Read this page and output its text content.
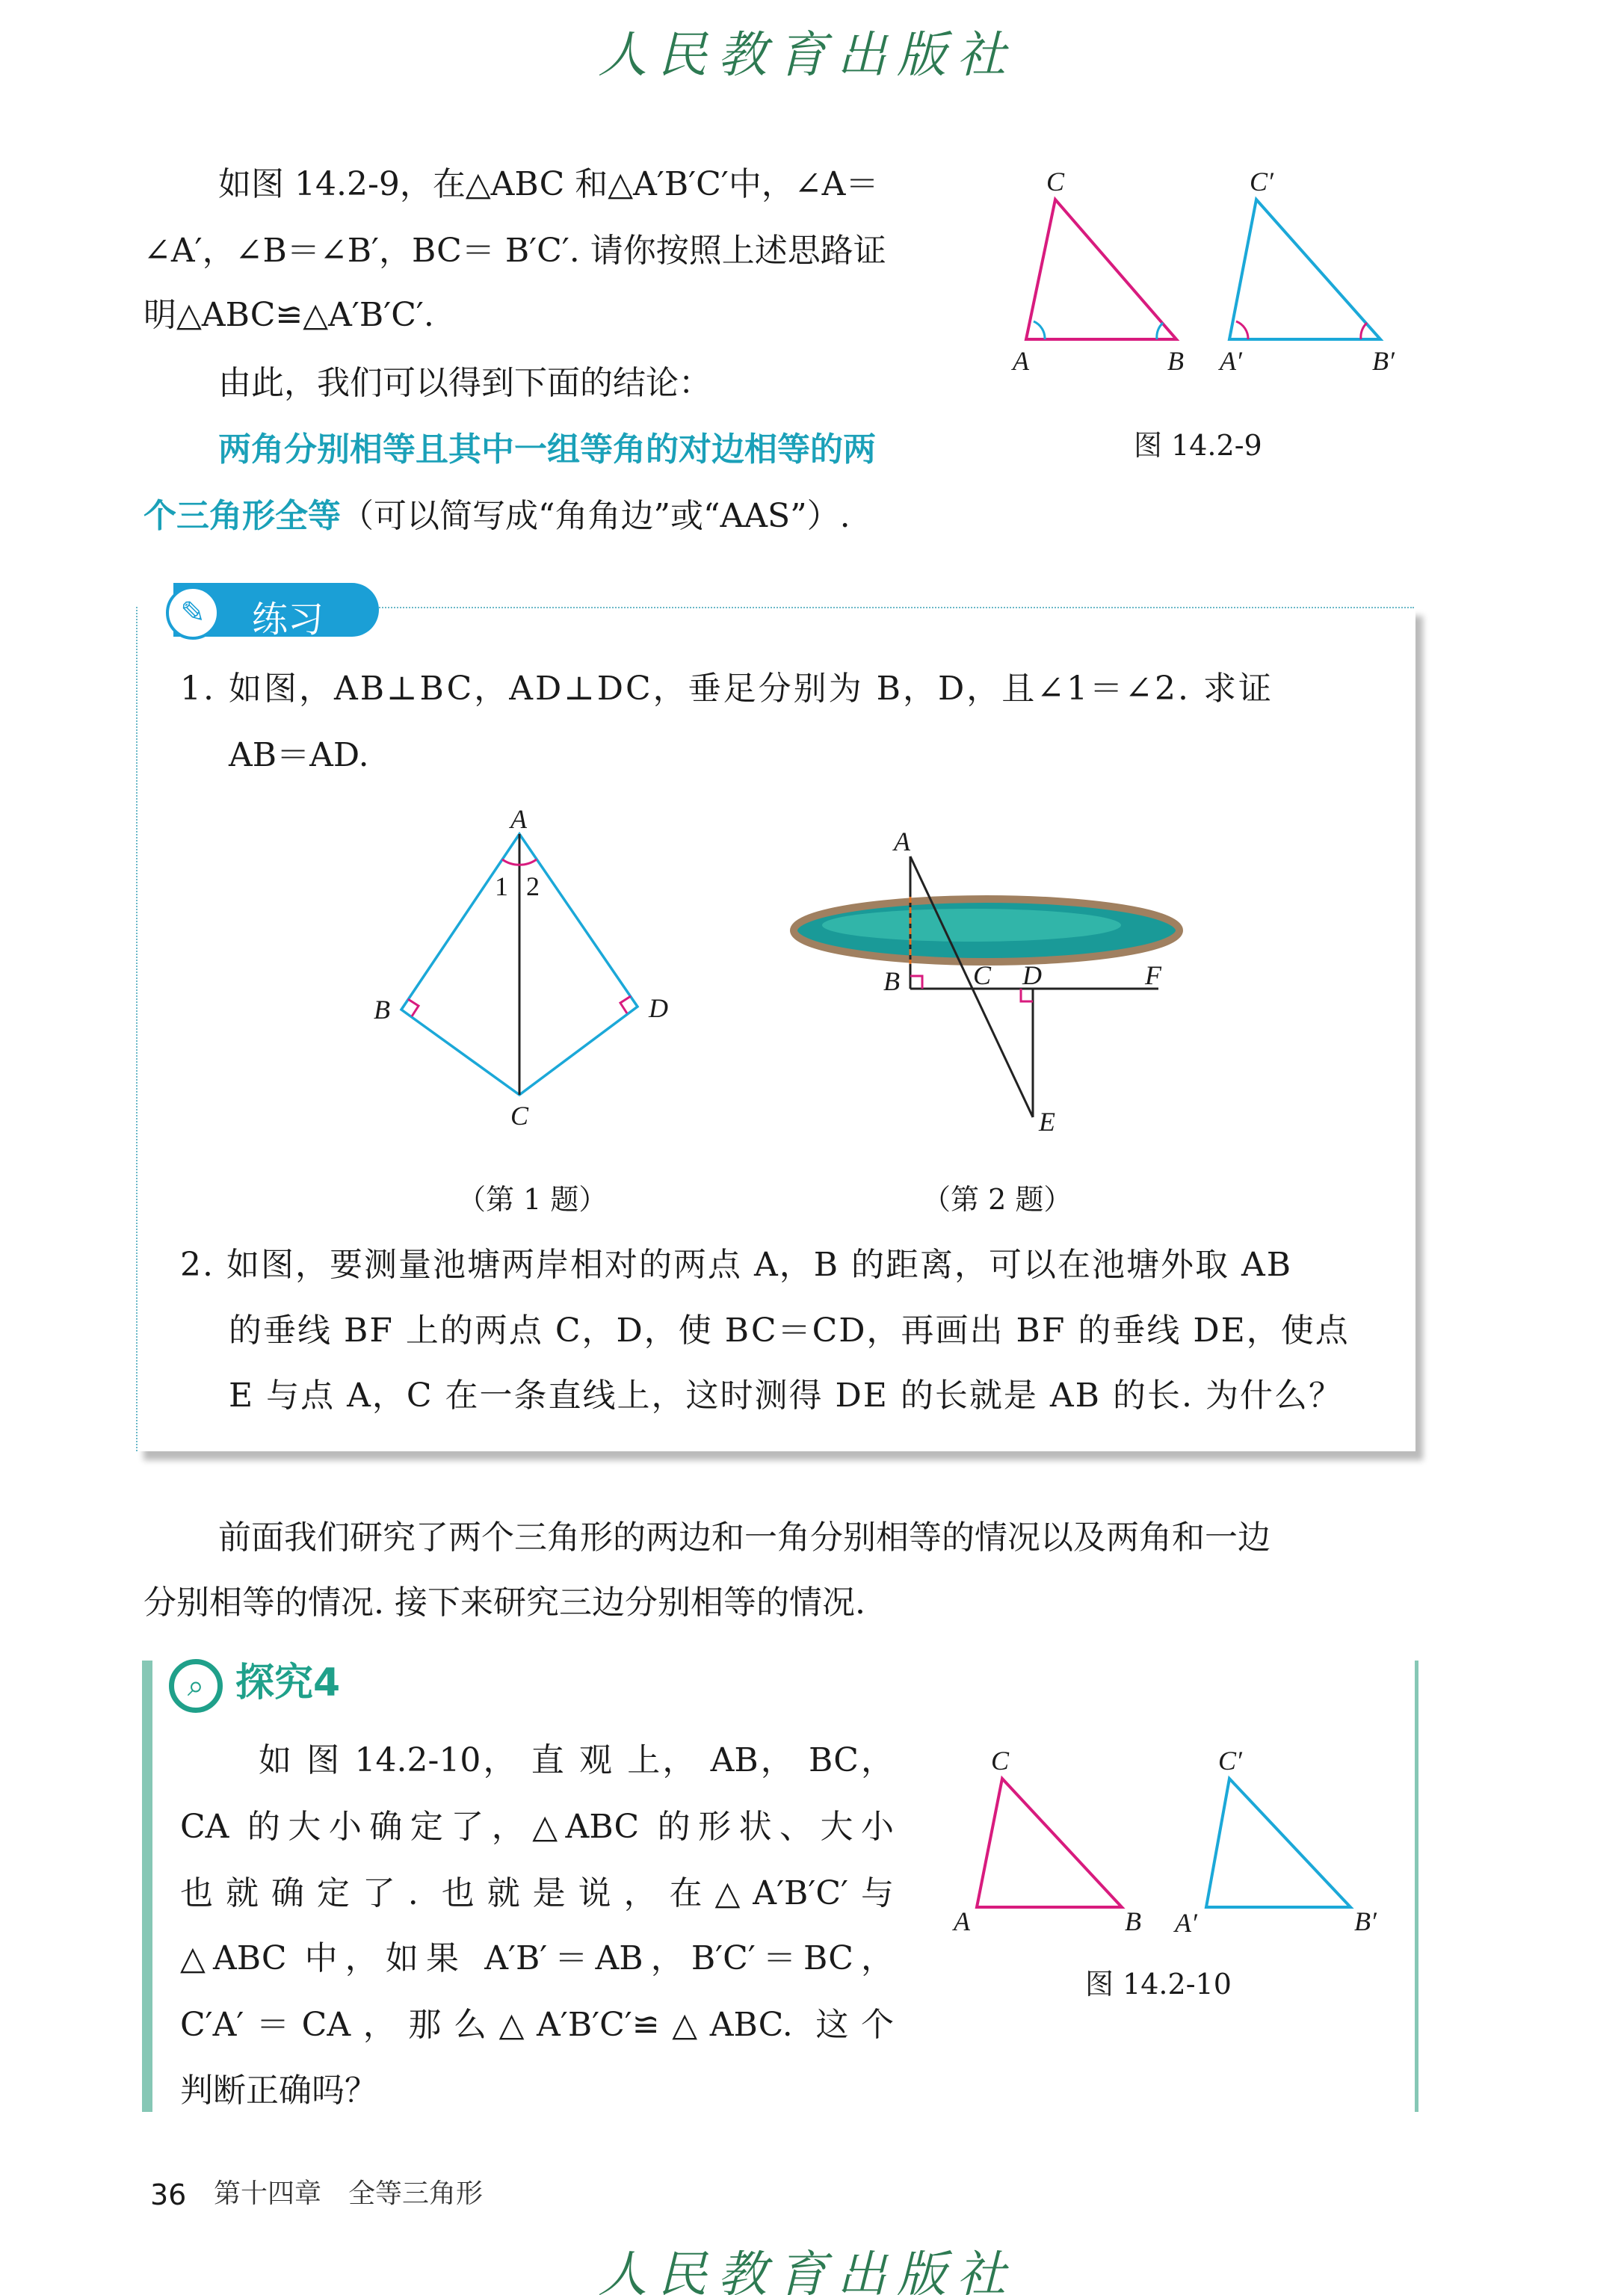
人民教育出版社
如图 14.2-9，在△ABC 和△A′B′C′中，∠A＝
∠A′，∠B＝∠B′，BC＝ B′C′. 请你按照上述思路证
明△ABC≌△A′B′C′.
由此，我们可以得到下面的结论：
两角分别相等且其中一组等角的对边相等的两
个三角形全等（可以简写成“角角边”或“AAS”）.
C
A	B
C′
A′	B′
图 14.2-9
✎	练习
1. 如图，AB⊥BC，AD⊥DC，垂足分别为 B，D，且∠1＝∠2. 求证
AB＝AD.
A
1 2
B	D
C
A
B	C D	F
E
（第 1 题）	（第 2 题）
2. 如图，要测量池塘两岸相对的两点 A，B 的距离，可以在池塘外取 AB
的垂线 BF 上的两点 C，D，使 BC＝CD，再画出 BF 的垂线 DE，使点
E 与点 A，C 在一条直线上，这时测得 DE 的长就是 AB 的长. 为什么？
前面我们研究了两个三角形的两边和一角分别相等的情况以及两角和一边
分别相等的情况. 接下来研究三边分别相等的情况.
⌕ 探究4
如 图 14.2-10， 直 观 上， AB， BC，
CA 的大小确定了，△ABC 的形状、大小
也就确定了. 也就是说，在△A′B′C′与
△ABC 中，如果 A′B′＝AB，B′C′＝BC，
C′A′＝CA，那么△A′B′C′≌△ABC. 这个
判断正确吗？
C
A	B
C′
A′	B′
图 14.2-10
36 第十四章　全等三角形
人民教育出版社
